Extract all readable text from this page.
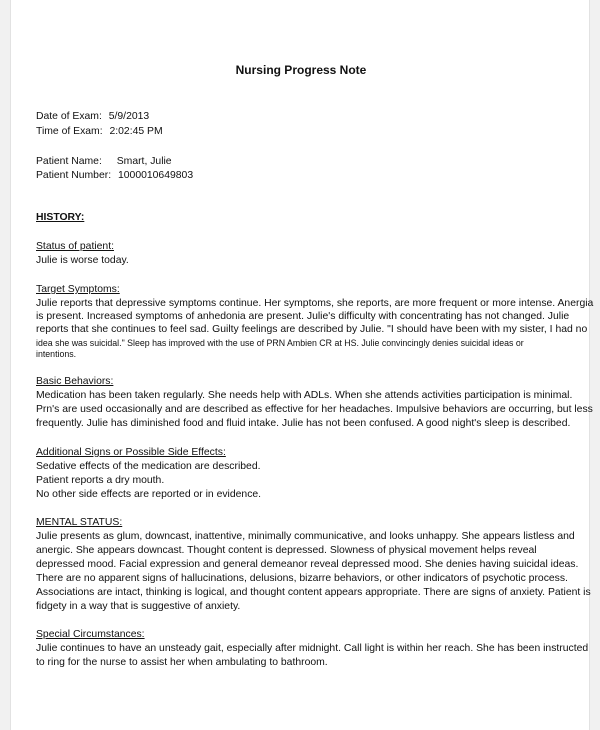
Nursing Progress Note
Date of Exam: 5/9/2013
Time of Exam: 2:02:45 PM
Patient Name: Smart, Julie
Patient Number: 1000010649803
HISTORY:
Status of patient:
Julie is worse today.
Target Symptoms:
Julie reports that depressive symptoms continue. Her symptoms, she reports, are more frequent or more intense. Anergia
is present. Increased symptoms of anhedonia are present. Julie's difficulty with concentrating has not changed. Julie
reports that she continues to feel sad. Guilty feelings are described by Julie. "I should have been with my sister, I had no
idea she was suicidal." Sleep has improved with the use of PRN Ambien CR at HS. Julie convincingly denies suicidal ideas or
intentions.
Basic Behaviors:
Medication has been taken regularly. She needs help with ADLs. When she attends activities participation is minimal.
Prn's are used occasionally and are described as effective for her headaches. Impulsive behaviors are occurring, but less
frequently. Julie has diminished food and fluid intake. Julie has not been confused. A good night's sleep is described.
Additional Signs or Possible Side Effects:
Sedative effects of the medication are described.
Patient reports a dry mouth.
No other side effects are reported or in evidence.
MENTAL STATUS:
Julie presents as glum, downcast, inattentive, minimally communicative, and looks unhappy. She appears listless and
anergic. She appears downcast. Thought content is depressed. Slowness of physical movement helps reveal
depressed mood. Facial expression and general demeanor reveal depressed mood. She denies having suicidal ideas.
There are no apparent signs of hallucinations, delusions, bizarre behaviors, or other indicators of psychotic process.
Associations are intact, thinking is logical, and thought content appears appropriate. There are signs of anxiety. Patient is
fidgety in a way that is suggestive of anxiety.
Special Circumstances:
Julie continues to have an unsteady gait, especially after midnight. Call light is within her reach. She has been instructed
to ring for the nurse to assist her when ambulating to bathroom.
